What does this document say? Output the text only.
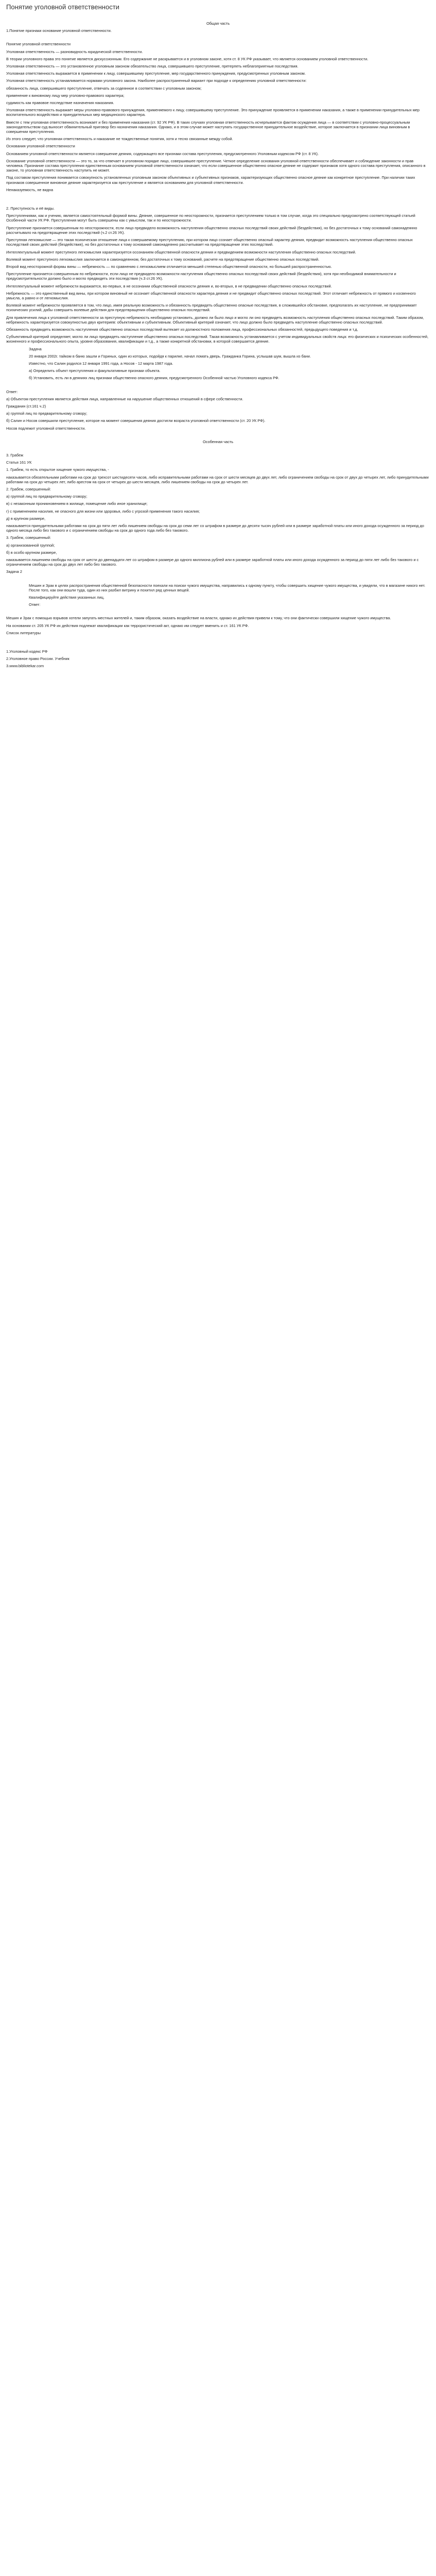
Понятие уголовной ответственности

Общая часть

1.Понятие признаки основание уголовной ответственности.

Понятие уголовной ответственности

Уголовная ответственность — разновидность юридической ответственности.

В теории уголовного права это понятие является дискуссионным. Его содержание не раскрывается и в уголовном законе, хотя ст. 8 УК РФ указывает, что является основанием уголовной ответственности.

Уголовная ответственность — это установленное уголовным законом обязательство лица, совершившего преступление, претерпеть неблагоприятные последствия.

Уголовная ответственность выражается в применении к лицу, совершившему преступление, мер государственного принуждения, предусмотренных уголовным законом.

Уголовная ответственность устанавливается нормами уголовного закона. Наиболее распространенный вариант при подходе к определению уголовной ответственности:

обязанность лица, совершившего преступление, отвечать за содеянное в соответствии с уголовным законом;

применение к виновному лицу мер уголовно-правового характера;

судимость как правовое последствие назначения наказания.

Уголовная ответственность выражает меры уголовно-правового принуждения, применяемого к лицу, совершившему преступление. Это принуждение проявляется в применении наказания, а также в применении принудительных мер воспитательного воздействия и принудительных мер медицинского характера.

Вместе с тем уголовная ответственность возникает и без применения наказания (ст. 92 УК РФ). В таких случаях уголовная ответственность исчерпывается фактом осуждения лица — в соответствии с уголовно-процессуальным законодательством суд выносит обвинительный приговор без назначения наказания. Однако, и в этом случае может наступать государственное принудительное воздействие, которое заключается в признании лица виновным в совершении преступления.

Из этого следует, что уголовная ответственность и наказание не тождественные понятия, хотя и тесно связанные между собой.

Основания уголовной ответственности

Основанием уголовной ответственности является совершение деяния, содержащего все признаки состава преступления, предусмотренного Уголовным кодексом РФ (ст. 8 УК).

Основание уголовной ответственности — это то, за что отвечает в уголовном порядке лицо, совершившее преступление. Четкое определение основания уголовной ответственности обеспечивает и соблюдение законности и прав человека. Признание состава преступления единственным основанием уголовной ответственности означает, что если совершенное общественно опасное деяние не содержит признаков хотя одного состава преступления, описанного в законе, то уголовная ответственность наступить не может.

Под составом преступления понимается совокупность установленных уголовным законом объективных и субъективных признаков, характеризующих общественно опасное деяние как конкретное преступление. При наличии таких признаков совершенное виновное деяние характеризуется как преступление и является основанием для уголовной ответственности.

Ненаказуемость, не видна

2. Преступность и её виды.

Преступлениями, как и учению, является самостоятельный формой вины. Деяние, совершенное по неосторожности, признается преступлением только в том случае, когда это специально предусмотрено соответствующей статьей Особенной части УК РФ. Преступления могут быть совершены как с умыслом, так и по неосторожности.

Преступление признается совершенным по неосторожности, если лицо предвидело возможность наступления общественно опасных последствий своих действий (бездействия), но без достаточных к тому оснований самонадеянно рассчитывало на предотвращение этих последствий (ч.2 ст.26 УК).

Преступная легкомыслие — это такая психическая отношение лица к совершаемому преступлению, при котором лицо сознает общественно опасный характер деяния, предвидит возможность наступления общественно опасных последствий своих действий (бездействия), но без достаточных к тому оснований самонадеянно рассчитывает на предотвращение этих последствий.

Интеллектуальный момент преступного легкомыслия характеризуется осознанием общественной опасности деяния и предвидением возможности наступления общественно опасных последствий.

Волевой момент преступного легкомыслия заключается в самонадеянном, без достаточных к тому оснований, расчете на предотвращение общественно опасных последствий.

Второй вид неосторожной формы вины — небрежность — по сравнению с легкомыслием отличается меньшей степенью общественной опасности, но большей распространенностью.

Преступление признается совершенным по небрежности, если лицо не предвидело возможности наступления общественно опасных последствий своих действий (бездействия), хотя при необходимой внимательности и предусмотрительности должно было и могло предвидеть эти последствия (ч.3 ст.26 УК).

Интеллектуальный момент небрежности выражается, во-первых, в не осознании общественной опасности деяния и, во-вторых, в не предвидении общественно опасных последствий.

Небрежность — это единственный вид вины, при котором виновный не осознает общественной опасности характера деяния и не предвидит общественно опасных последствий. Этот отличает небрежность от прямого и косвенного умысла, а равно и от легкомыслия.

Волевой момент небрежности проявляется в том, что лицо, имея реальную возможность и обязанность предвидеть общественно опасные последствия, в сложившейся обстановке, предполагать их наступление, не предпринимает психических усилий, дабы совершить волевые действия для предотвращения общественно опасных последствий.

Для привлечения лица к уголовной ответственности за преступную небрежность необходимо установить, должно ли было лицо и могло ли оно предвидеть возможность наступления общественно опасных последствий. Таким образом, небрежность характеризуется совокупностью двух критериев: объективным и субъективным. Объективный критерий означает, что лицо должно было предвидеть наступление общественно опасных последствий.

Обязанность предвидеть возможность наступления общественно опасных последствий вытекает из должностного положения лица, профессиональных обязанностей, предыдущего поведения и т.д.

Субъективный критерий определяет, могло ли лицо предвидеть наступление общественно опасных последствий. Такая возможность устанавливается с учетом индивидуальных свойств лица: его физических и психических особенностей, жизненного и профессионального опыта, уровня образования, квалификации и т.д., а также конкретной обстановки, в которой совершается деяние.

Задача

20 января 2002г. тайком в баню зашли и Гориных, один из которых, подойдя к парилке, начал ломать дверь. Гражданка Горина, услышав шум, вышла из бани.

Известно, что Салин родился 12 января 1991 года, а Носов - 12 марта 1987 года.

а) Определить объект преступления и факультативные признаки объекта.

б) Установить, есть ли в деяниях лиц признаки общественно опасного деяния, предусмотренного Особенной частью Уголовного кодекса РФ.

Ответ:

а) Объектом преступления является действия лица, направленные на нарушение общественных отношений в сфере собственности.

Гражданин (ст.161 ч.2)

а) группой лиц по предварительному сговору;

б) Салин и Носов совершили преступление, которое на момент совершения деяния достигли возраста уголовной ответственности (ст. 20 УК РФ).

Носов подлежит уголовной ответственности.

Особенная часть

3. Грабеж

Статья 161 УК

1. Грабеж, то есть открытое хищение чужого имущества, -

наказывается обязательными работами на срок до трехсот шестидесяти часов, либо исправительными работами на срок от шести месяцев до двух лет, либо ограничением свободы на срок от двух до четырех лет, либо принудительными работами на срок до четырех лет, либо арестом на срок от четырех до шести месяцев, либо лишением свободы на срок до четырех лет.

2. Грабеж, совершенный:

а) группой лиц по предварительному сговору;

в) с незаконным проникновением в жилище, помещение либо иное хранилище;

г) с применением насилия, не опасного для жизни или здоровья, либо с угрозой применения такого насилия;

д) в крупном размере,

наказывается принудительными работами на срок до пяти лет либо лишением свободы на срок до семи лет со штрафом в размере до десяти тысяч рублей или в размере заработной платы или иного дохода осужденного за период до одного месяца либо без такового и с ограничением свободы на срок до одного года либо без такового.

3. Грабеж, совершенный:

а) организованной группой;

б) в особо крупном размере,

наказывается лишением свободы на срок от шести до двенадцати лет со штрафом в размере до одного миллиона рублей или в размере заработной платы или иного дохода осужденного за период до пяти лет либо без такового и с ограничением свободы на срок до двух лет либо без такового.

Задача 2

Мешин и Зрак в целях распространения общественной безопасности поехали на поиски чужого имущества, направились к одному пункту, чтобы совершить хищение чужого имущества, и увидели, что в магазине никого нет. После того, как они вошли туда, один из них разбил витрину и похитил ряд ценных вещей.

Квалифицируйте действия указанных лиц.

Ответ:

Мешин и Зрак с помощью взрывов хотели запугать местных жителей и, таким образом, оказать воздействие на власти, однако их действия привели к тому, что они фактически совершили хищение чужого имущества.

На основании ст. 205 УК РФ их действия подлежат квалификации как террористический акт, однако им следует вменить и ст. 161 УК РФ.

Список литературы

1.Уголовный кодекс РФ

2.Уголовное право России. Учебник

3.www.bibliotekar.com
